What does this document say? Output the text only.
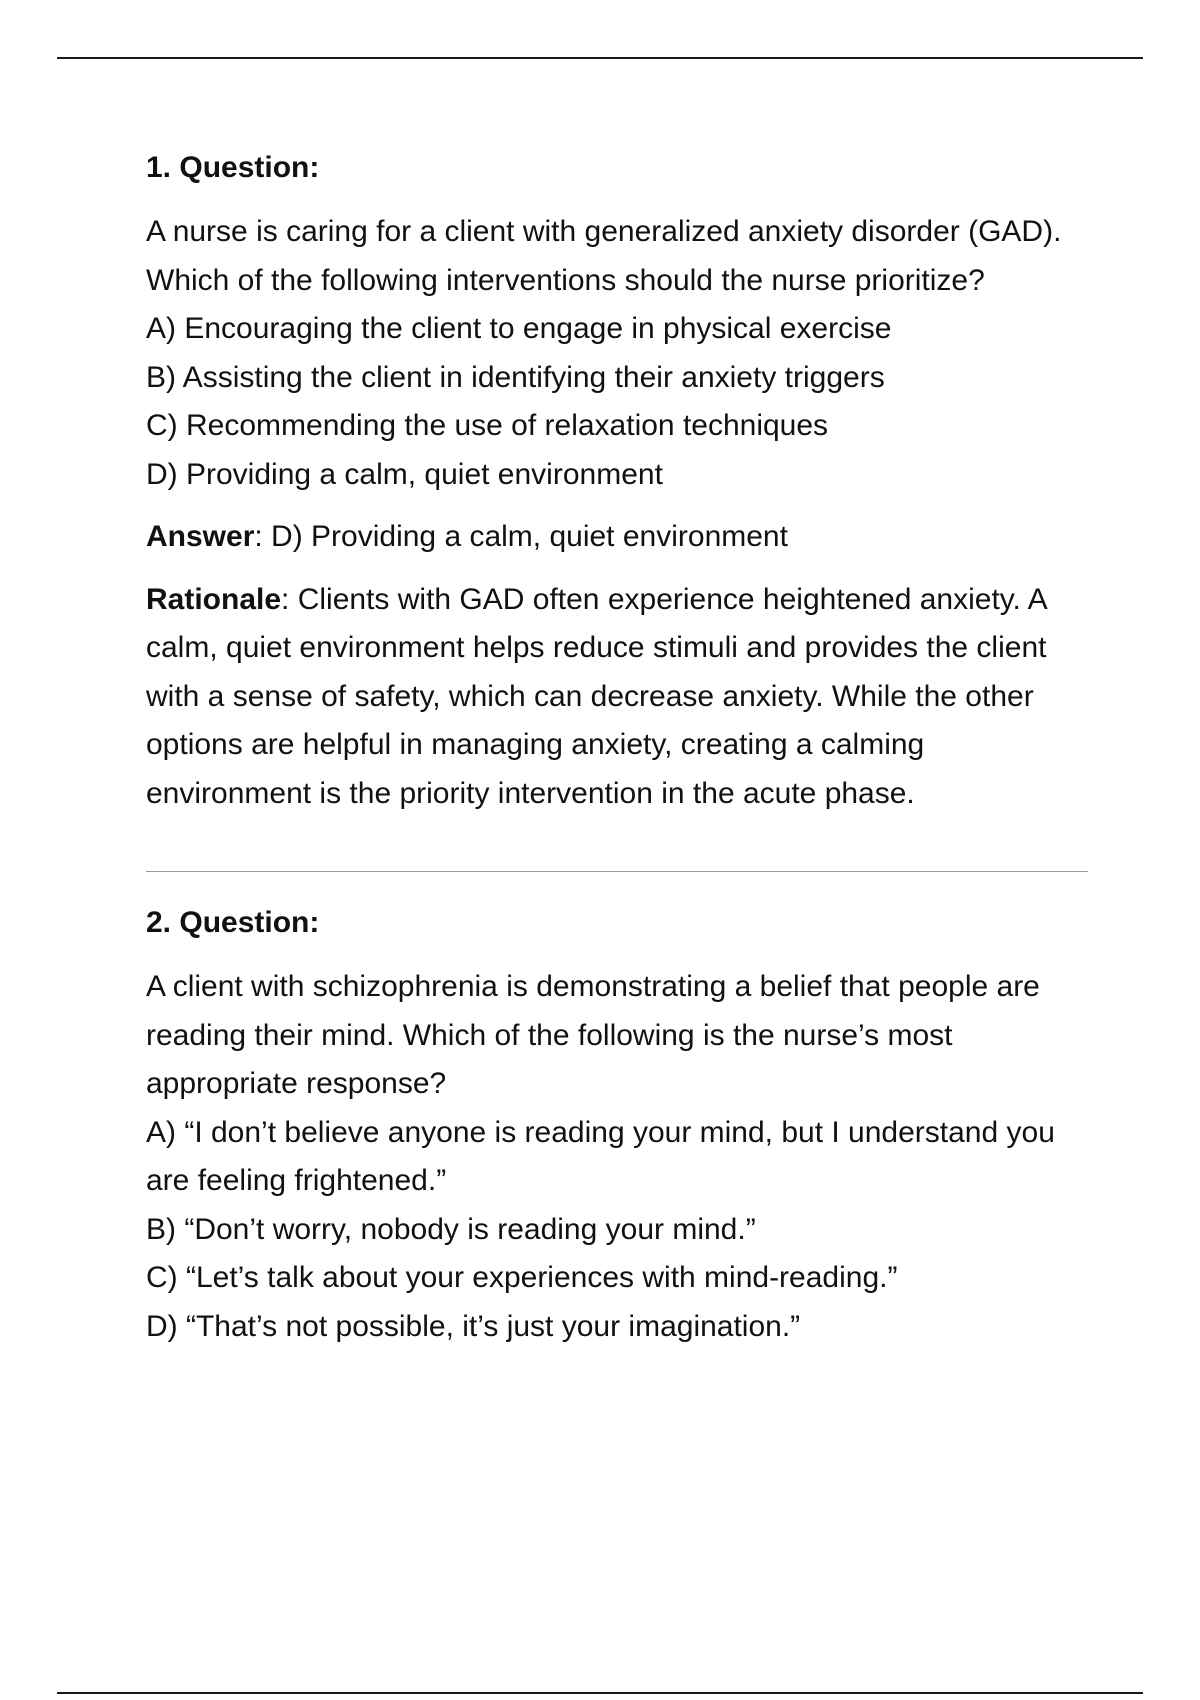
1. Question:

A nurse is caring for a client with generalized anxiety disorder (GAD). Which of the following interventions should the nurse prioritize?

A) Encouraging the client to engage in physical exercise

B) Assisting the client in identifying their anxiety triggers

C) Recommending the use of relaxation techniques

D) Providing a calm, quiet environment

Answer: D) Providing a calm, quiet environment

Rationale: Clients with GAD often experience heightened anxiety. A calm, quiet environment helps reduce stimuli and provides the client with a sense of safety, which can decrease anxiety. While the other options are helpful in managing anxiety, creating a calming environment is the priority intervention in the acute phase.

2. Question:

A client with schizophrenia is demonstrating a belief that people are reading their mind. Which of the following is the nurse’s most appropriate response?

A) “I don’t believe anyone is reading your mind, but I understand you are feeling frightened.”

B) “Don’t worry, nobody is reading your mind.”

C) “Let’s talk about your experiences with mind-reading.”

D) “That’s not possible, it’s just your imagination.”
